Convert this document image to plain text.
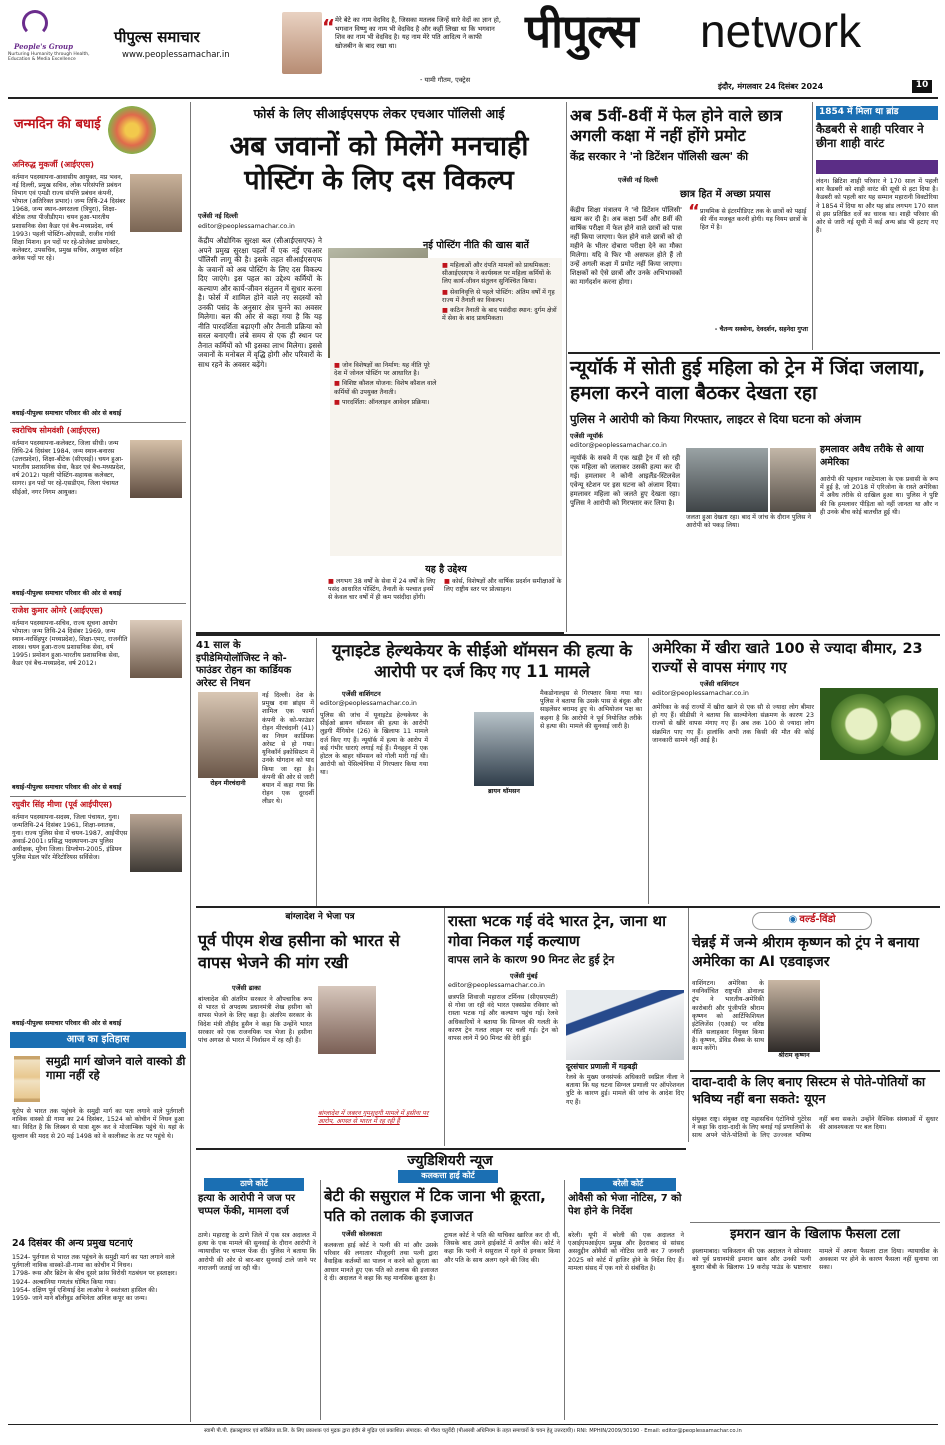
People's Group
Nurturing Humanity through Health, Education & Media Excellence
पीपुल्स समाचार
www.peoplessamachar.in
“ मेरे बेटे का नाम वेदविद है, जिसका मतलब जिन्हें सारे वेदों का ज्ञान हो, भगवान विष्णु का नाम भी वेदविद है और कहीं लिखा था कि भगवान शिव का नाम भी वेदविद है। यह नाम मेरे पति आदित्य ने काफी खोजबीन के बाद रखा था।
- यामी गौतम, एक्ट्रेस
पीपुल्स network
इंदौर, मंगलवार 24 दिसंबर 2024	10
जन्मदिन की बधाई
अनिरुद्ध मुकर्जी (आईएएस)
वर्तमान पदस्थापना-आवासीय आयुक्त, मप्र भवन, नई दिल्ली, प्रमुख सचिव, लोक परिसंपत्ति प्रबंधन विभाग एवं एमडी राज्य संपत्ति प्रबंधन कंपनी, भोपाल (अतिरिक्त प्रभार)। जन्म तिथि-24 दिसंबर 1968, जन्म स्थान-अगरतला (त्रिपुरा), शिक्षा-बीटेक तथा पीजीडीएम। चयन हुआ-भारतीय प्रशासनिक सेवा कैडर एवं बैच-मध्यप्रदेश, वर्ष 1993। पहली पोस्टिंग-ओएसडी, राजीव गांधी शिक्षा मिशन। इन पदों पर रहे-प्रोजेक्ट डायरेक्टर, कलेक्टर, उपसचिव, प्रमुख सचिव, आयुक्त सहित अनेक पदों पर रहे।
बधाई-पीपुल्स समाचार परिवार की ओर से बधाई
स्वरोचिष सोमवंशी (आईएएस)
वर्तमान पदस्थापना-कलेक्टर, जिला सीधी। जन्म तिथि-24 दिसंबर 1984, जन्म स्थान-बनारस (उत्तरप्रदेश), शिक्षा-बीटेक (सीएसई)। चयन हुआ-भारतीय प्रशासनिक सेवा, कैडर एवं बैच-मध्यप्रदेश, वर्ष 2012। पहली पोस्टिंग-सहायक कलेक्टर, सागर। इन पदों पर रहे-एसडीएम, जिला पंचायत सीईओ, नगर निगम आयुक्त।
बधाई-पीपुल्स समाचार परिवार की ओर से बधाई
राजेश कुमार ओगरे (आईएएस)
वर्तमान पदस्थापना-सचिव, राज्य सूचना आयोग भोपाल। जन्म तिथि-24 दिसंबर 1969, जन्म स्थान-नरसिंहपुर (मध्यप्रदेश), शिक्षा-एमए, राजनीति शास्त्र। चयन हुआ-राज्य प्रशासनिक सेवा, वर्ष 1995। प्रमोशन हुआ-भारतीय प्रशासनिक सेवा, कैडर एवं बैच-मध्यप्रदेश, वर्ष 2012।
बधाई-पीपुल्स समाचार परिवार की ओर से बधाई
रघुवीर सिंह मीणा (पूर्व आईपीएस)
वर्तमान पदस्थापना-सदस्य, जिला पंचायत, गुना। जन्मतिथि-24 दिसंबर 1961, शिक्षा-स्नातक, गुना। राज्य पुलिस सेवा में चयन-1987, आईपीएस अवार्ड-2001। प्रसिद्ध पदस्थापना-उप पुलिस अधीक्षक, मुरैना जिला। डिप्लोमा-2005, इंडियन पुलिस मेडल फॉर मेरिटोरियस सर्विसेज।
बधाई-पीपुल्स समाचार परिवार की ओर से बधाई
आज का इतिहास
समुद्री मार्ग खोजने वाले वास्को डी गामा नहीं रहे
यूरोप से भारत तक पहुंचने के समुद्री मार्ग का पता लगाने वाले पुर्तगाली नाविक वास्को डी गामा का 24 दिसंबर, 1524 को कोचीन में निधन हुआ था। विदित है कि लिस्बन से यात्रा शुरू कर वे मोजाम्बिक पहुंचे थे। यहां के सुल्तान की मदद से 20 मई 1498 को वे कालीकट के तट पर पहुंचे थे।
24 दिसंबर की अन्य प्रमुख घटनाएं
1524- पुर्तगाल से भारत तक पहुंचने के समुद्री मार्ग का पता लगाने वाले पुर्तगाली नाविक वास्को-डी-गामा का कोचीन में निधन।
1798- रूस और ब्रिटेन के बीच दूसरे फ्रांस विरोधी गठबंधन पर हस्ताक्षर।
1924- अल्बानिया गणतंत्र घोषित किया गया।
1954- दक्षिण पूर्व एशियाई देश लाओस ने स्वतंत्रता हासिल की।
1959- जाने माने बॉलीवुड अभिनेता अनिल कपूर का जन्म।
फोर्स के लिए सीआईएसएफ लेकर एचआर पॉलिसी आई
अब जवानों को मिलेंगे मनचाही पोस्टिंग के लिए दस विकल्प
एजेंसी नई दिल्ली
editor@peoplessamachar.co.in
केंद्रीय औद्योगिक सुरक्षा बल (सीआईएसएफ) ने अपने प्रमुख सुरक्षा पहलों में एक नई एचआर पॉलिसी लागू की है। इसके तहत सीआईएसएफ के जवानों को अब पोस्टिंग के लिए दस विकल्प दिए जाएंगे। इस पहल का उद्देश्य कर्मियों के कल्याण और कार्य-जीवन संतुलन में सुधार करना है। फोर्स में शामिल होने वाले नए सदस्यों को उनकी पसंद के अनुसार क्षेत्र चुनने का अवसर मिलेगा। बल की ओर से कहा गया है कि यह नीति पारदर्शिता बढ़ाएगी और तैनाती प्रक्रिया को सरल बनाएगी। लंबे समय से एक ही स्थान पर तैनात कर्मियों को भी इसका लाभ मिलेगा। इससे जवानों के मनोबल में वृद्धि होगी और परिवारों के साथ रहने के अवसर बढ़ेंगे।
नई पोस्टिंग नीति की खास बातें

■ जोन विशेषज्ञों का निर्माण: यह नीति पूरे देश में जोनल पोस्टिंग पर आधारित है।

■ विशिष्ट कौशल योजना: विशेष कौशल वाले कर्मियों की उपयुक्त तैनाती।

■ पारदर्शिता: ऑनलाइन आवेदन प्रक्रिया।

■ महिलाओं और दंपति मामलों को प्राथमिकता: सीआईएसएफ ने कार्यस्थल पर महिला कर्मियों के लिए कार्य-जीवन संतुलन सुनिश्चित किया।

■ सेवानिवृत्ति से पहले पोस्टिंग: अंतिम वर्षों में गृह राज्य में तैनाती का विकल्प।

■ कठिन तैनाती के बाद पसंदीदा स्थान: दुर्गम क्षेत्रों में सेवा के बाद प्राथमिकता।

यह है उद्देश्य
■ लगभग 38 वर्षों के सेवा में 24 वर्षों के लिए पसंद आधारित पोस्टिंग, तैनाती के पश्चात इनमें से केवल चार वर्षों में ही कम पसंदीदा होंगी।
■ कोर्स, विशेषज्ञों और वार्षिक प्रदर्शन समीक्षाओं के लिए राष्ट्रीय स्तर पर प्रोत्साहन।
अब 5वीं-8वीं में फेल होने वाले छात्र अगली कक्षा में नहीं होंगे प्रमोट
केंद्र सरकार ने 'नो डिटेंशन पॉलिसी खत्म' की
छात्र हित में अच्छा प्रयास
एजेंसी नई दिल्ली
केंद्रीय शिक्षा मंत्रालय ने 'नो डिटेंशन पॉलिसी' खत्म कर दी है। अब कक्षा 5वीं और 8वीं की वार्षिक परीक्षा में फेल होने वाले छात्रों को पास नहीं किया जाएगा। फेल होने वाले छात्रों को दो महीने के भीतर दोबारा परीक्षा देने का मौका मिलेगा। यदि वे फिर भी असफल होते हैं तो उन्हें अगली कक्षा में प्रमोट नहीं किया जाएगा। शिक्षकों को ऐसे छात्रों और उनके अभिभावकों का मार्गदर्शन करना होगा।
“ प्राथमिक से इंटरमीडिएट तक के छात्रों को पढ़ाई की नींव मजबूत करनी होगी। यह नियम छात्रों के हित में है।
- चैतन्य सक्सेना, देवदर्शन, सहनेदा गुप्ता
1854 में मिला था ब्रांड
कैडबरी से शाही परिवार ने छीना शाही वारंट
लंदन। ब्रिटिश शाही परिवार ने 170 साल में पहली बार कैडबरी को शाही वारंट की सूची से हटा दिया है। कैडबरी को पहली बार यह सम्मान महारानी विक्टोरिया ने 1854 में दिया था और यह ब्रांड लगभग 170 साल से इस प्रतिष्ठित दर्जे का धारक था। शाही परिवार की ओर से जारी नई सूची में कई अन्य ब्रांड भी हटाए गए हैं।
न्यूयॉर्क में सोती हुई महिला को ट्रेन में जिंदा जलाया, हमला करने वाला बैठकर देखता रहा
पुलिस ने आरोपी को किया गिरफ्तार, लाइटर से दिया घटना को अंजाम
एजेंसी न्यूयॉर्क
editor@peoplessamachar.co.in
न्यूयॉर्क के सबवे में एक खड़ी ट्रेन में सो रही एक महिला को जलाकर उसकी हत्या कर दी गई। हमलावर ने कोनी आइलैंड-स्टिलवेल एवेन्यू स्टेशन पर इस घटना को अंजाम दिया। हमलावर महिला को जलते हुए देखता रहा। पुलिस ने आरोपी को गिरफ्तार कर लिया है।
जलता हुआ देखता रहा। बाद में जांच के दौरान पुलिस ने आरोपी को पकड़ लिया।
हमलावर अवैध तरीके से आया अमेरिका
आरोपी की पहचान ग्वाटेमाला के एक प्रवासी के रूप में हुई है, जो 2018 में एरिजोना के रास्ते अमेरिका में अवैध तरीके से दाखिल हुआ था। पुलिस ने पुष्टि की कि हमलावर पीड़िता को नहीं जानता था और न ही उनके बीच कोई बातचीत हुई थी।
41 साल के इपीडेमियोलॉजिस्ट ने को-फाउंडर रोहन का कार्डियक अरेस्ट से निधन
रोहन मीरचंदानी
नई दिल्ली। देश के प्रमुख दवा ब्रांड्स में शामिल एक फार्मा कंपनी के को-फाउंडर रोहन मीरचंदानी (41) का निधन कार्डियक अरेस्ट से हो गया। यूनिकॉर्न इकोसिस्टम में उनके योगदान को याद किया जा रहा है। कंपनी की ओर से जारी बयान में कहा गया कि रोहन एक दूरदर्शी लीडर थे।
यूनाइटेड हेल्थकेयर के सीईओ थॉमसन की हत्या के आरोपी पर दर्ज किए गए 11 मामले
एजेंसी वाशिंगटन
editor@peoplessamachar.co.in
पुलिस की जांच में यूनाइटेड हेल्थकेयर के सीईओ ब्रायन थॉमसन की हत्या के आरोपी लुइगी मैंगियोन (26) के खिलाफ 11 मामले दर्ज किए गए हैं। न्यूयॉर्क में हत्या के आरोप में कई गंभीर धाराएं लगाई गई हैं। मैनहट्टन में एक होटल के बाहर थॉमसन को गोली मारी गई थी। आरोपी को पेंसिल्वेनिया में गिरफ्तार किया गया था।
ब्रायन थॉमसन
मैकडोनाल्ड्स से गिरफ्तार किया गया था। पुलिस ने बताया कि उसके पास से बंदूक और साइलेंसर बरामद हुए थे। अभियोजन पक्ष का कहना है कि आरोपी ने पूर्व नियोजित तरीके से हत्या की। मामले की सुनवाई जारी है।
अमेरिका में खीरा खाते 100 से ज्यादा बीमार, 23 राज्यों से वापस मंगाए गए
एजेंसी वाशिंगटन
editor@peoplessamachar.co.in
अमेरिका के कई राज्यों में खीरा खाने से एक सौ से ज्यादा लोग बीमार हो गए हैं। सीडीसी ने बताया कि साल्मोनेला संक्रमण के कारण 23 राज्यों से खीरे वापस मंगाए गए हैं। अब तक 100 से ज्यादा लोग संक्रमित पाए गए हैं। हालांकि अभी तक किसी की मौत की कोई जानकारी सामने नहीं आई है।
बांग्लादेश ने भेजा पत्र
पूर्व पीएम शेख हसीना को भारत से वापस भेजने की मांग रखी
एजेंसी ढाका
बांग्लादेश की अंतरिम सरकार ने औपचारिक रूप से भारत से अपदस्थ प्रधानमंत्री शेख हसीना को वापस भेजने के लिए कहा है। अंतरिम सरकार के विदेश मंत्री तौहीद हुसैन ने कहा कि उन्होंने भारत सरकार को एक राजनयिक पत्र भेजा है। हसीना पांच अगस्त से भारत में निर्वासन में रह रही हैं।
बांग्लादेश में जबरन गुमशुदगी मामले में हसीना पर आरोप, अगस्त से भारत में रह रही हैं
रास्ता भटक गई वंदे भारत ट्रेन, जाना था गोवा निकल गई कल्याण
वापस लाने के कारण 90 मिनट लेट हुई ट्रेन
एजेंसी मुंबई
editor@peoplessamachar.co.in
छत्रपति शिवाजी महाराज टर्मिनस (सीएसएमटी) से गोवा जा रही वंदे भारत एक्सप्रेस रविवार को रास्ता भटक गई और कल्याण पहुंच गई। रेलवे अधिकारियों ने बताया कि सिग्नल की गलती के कारण ट्रेन गलत लाइन पर चली गई। ट्रेन को वापस लाने में 90 मिनट की देरी हुई।
दूरसंचार प्रणाली में गड़बड़ी
रेलवे के मुख्य जनसंपर्क अधिकारी स्वप्निल नीला ने बताया कि यह घटना सिग्नल प्रणाली पर ऑपरेशनल त्रुटि के कारण हुई। मामले की जांच के आदेश दिए गए हैं।
◉ वर्ल्ड-विंडो
चेन्नई में जन्मे श्रीराम कृष्णन को ट्रंप ने बनाया अमेरिका का AI एडवाइजर
श्रीराम कृष्णन
वाशिंगटन। अमेरिका के नवनिर्वाचित राष्ट्रपति डोनाल्ड ट्रंप ने भारतीय-अमेरिकी कारोबारी और पूंजीपति श्रीराम कृष्णन को आर्टिफिशियल इंटेलिजेंस (एआई) पर वरिष्ठ नीति सलाहकार नियुक्त किया है। कृष्णन, डेविड सैक्स के साथ काम करेंगे।
दादा-दादी के लिए बनाए सिस्टम से पोते-पोतियों का भविष्य नहीं बना सकते: यूएन
संयुक्त राष्ट्र। संयुक्त राष्ट्र महासचिव एंटोनियो गुटेरेस ने कहा कि दादा-दादी के लिए बनाई गई प्रणालियों के साथ अपने पोते-पोतियों के लिए उज्ज्वल भविष्य नहीं बना सकते। उन्होंने वैश्विक संस्थाओं में सुधार की आवश्यकता पर बल दिया।
इमरान खान के खिलाफ फैसला टला
इस्लामाबाद। पाकिस्तान की एक अदालत ने सोमवार को पूर्व प्रधानमंत्री इमरान खान और उनकी पत्नी बुशरा बीबी के खिलाफ 19 करोड़ पाउंड के भ्रष्टाचार मामले में अपना फैसला टाल दिया। न्यायाधीश के अवकाश पर होने के कारण फैसला नहीं सुनाया जा सका।
ज्युडिशियरी न्यूज
कलकत्ता हाई कोर्ट
ठाणे कोर्ट
हत्या के आरोपी ने जज पर चप्पल फेंकी, मामला दर्ज
ठाणे। महाराष्ट्र के ठाणे जिले में एक सत्र अदालत में हत्या के एक मामले की सुनवाई के दौरान आरोपी ने न्यायाधीश पर चप्पल फेंक दी। पुलिस ने बताया कि आरोपी की ओर से बार-बार सुनवाई टाले जाने पर नाराजगी जताई जा रही थी।
बेटी की ससुराल में टिक जाना भी क्रूरता, पति को तलाक की इजाजत
एजेंसी कोलकाता
कलकत्ता हाई कोर्ट ने पत्नी की मां और उसके परिवार की लगातार मौजूदगी तथा पत्नी द्वारा वैवाहिक कर्तव्यों का पालन न करने को क्रूरता का आधार मानते हुए एक पति को तलाक की इजाजत दे दी। अदालत ने कहा कि यह मानसिक क्रूरता है।
ट्रायल कोर्ट ने पति की याचिका खारिज कर दी थी, जिसके बाद उसने हाईकोर्ट में अपील की। कोर्ट ने कहा कि पत्नी ने ससुराल में रहने से इनकार किया और पति के साथ अलग रहने की जिद की।
बरेली कोर्ट
ओवैसी को भेजा नोटिस, 7 को पेश होने के निर्देश
बरेली। यूपी में बरेली की एक अदालत ने एआईएमआईएम प्रमुख और हैदराबाद से सांसद असदुद्दीन ओवैसी को नोटिस जारी कर 7 जनवरी 2025 को कोर्ट में हाजिर होने के निर्देश दिए हैं। मामला संसद में एक नारे से संबंधित है।
स्वामी पी.पी. इंफ्रास्ट्रक्चर एवं सर्विसेज प्रा.लि. के लिए प्रकाशक एवं मुद्रक द्वारा इंदौर से मुद्रित एवं प्रकाशित। संपादक: श्री गौरव चतुर्वेदी (पीआरबी अधिनियम के तहत समाचारों के चयन हेतु उत्तरदायी)। RNI: MPHIN/2009/30190 · Email: editor@peoplessamachar.co.in
